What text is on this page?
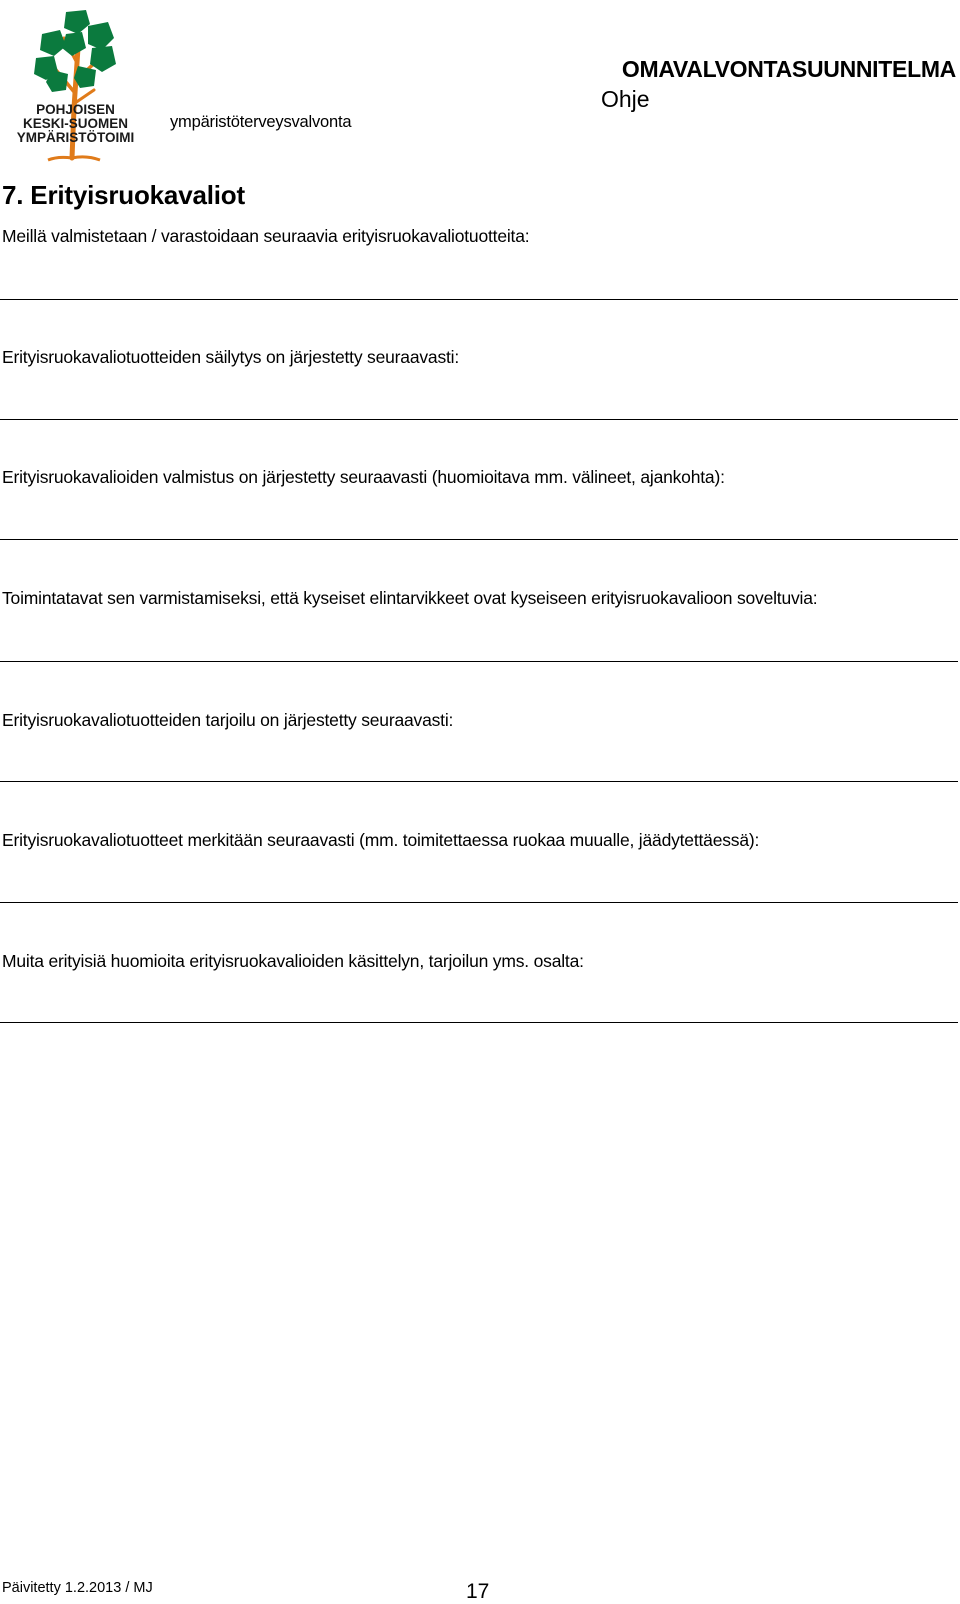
POHJOISEN
KESKI-SUOMEN
YMPÄRISTÖTOIMI
ympäristöterveysvalvonta
OMAVALVONTASUUNNITELMA
Ohje
7. Erityisruokavaliot
Meillä valmistetaan / varastoidaan seuraavia erityisruokavaliotuotteita:
Erityisruokavaliotuotteiden säilytys on järjestetty seuraavasti:
Erityisruokavalioiden valmistus on järjestetty seuraavasti (huomioitava mm. välineet, ajankohta):
Toimintatavat sen varmistamiseksi, että kyseiset elintarvikkeet ovat kyseiseen erityisruokavalioon soveltuvia:
Erityisruokavaliotuotteiden tarjoilu on järjestetty seuraavasti:
Erityisruokavaliotuotteet merkitään seuraavasti (mm. toimitettaessa ruokaa muualle, jäädytettäessä):
Muita erityisiä huomioita erityisruokavalioiden käsittelyn, tarjoilun yms. osalta:
Päivitetty 1.2.2013 / MJ	17
